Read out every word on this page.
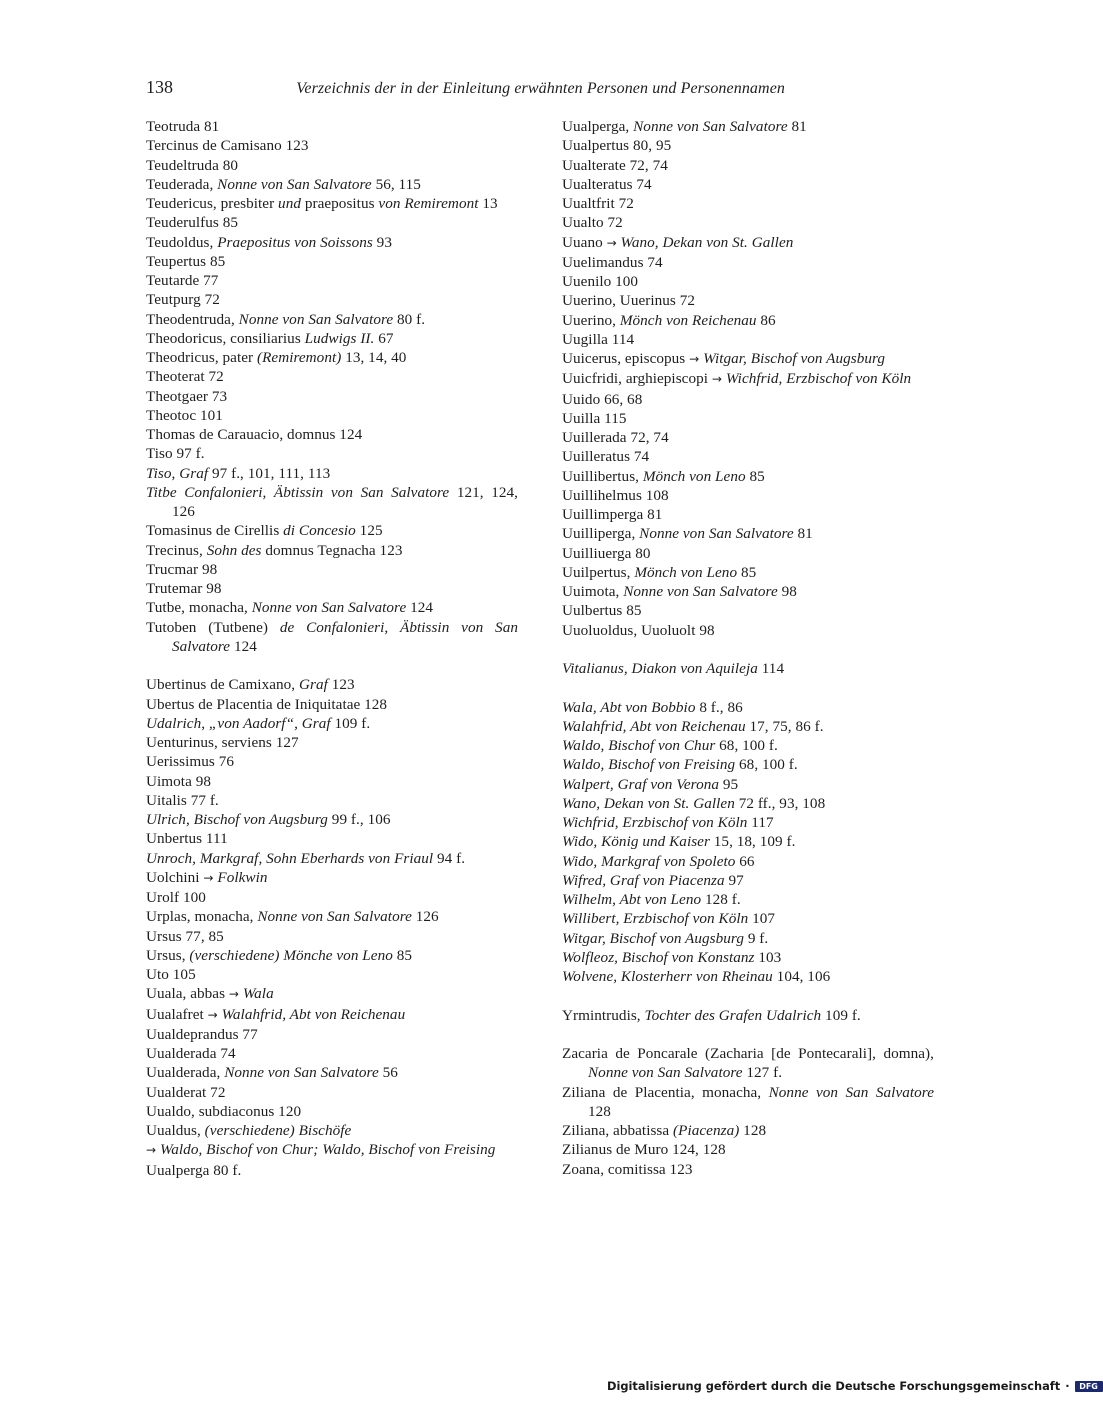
138	Verzeichnis der in der Einleitung erwähnten Personen und Personennamen
Teotruda 81
Tercinus de Camisano 123
Teudeltruda 80
Teuderada, Nonne von San Salvatore 56, 115
Teudericus, presbiter und praepositus von Remiremont 13
Teuderulfus 85
Teudoldus, Praepositus von Soissons 93
Teupertus 85
Teutarde 77
Teutpurg 72
Theodentruda, Nonne von San Salvatore 80 f.
Theodoricus, consiliarius Ludwigs II. 67
Theodricus, pater (Remiremont) 13, 14, 40
Theoterat 72
Theotgaer 73
Theotoc 101
Thomas de Carauacio, domnus 124
Tiso 97 f.
Tiso, Graf 97 f., 101, 111, 113
Titbe Confalonieri, Äbtissin von San Salvatore 121, 124, 126
Tomasinus de Cirellis di Concesio 125
Trecinus, Sohn des domnus Tegnacha 123
Trucmar 98
Trutemar 98
Tutbe, monacha, Nonne von San Salvatore 124
Tutoben (Tutbene) de Confalonieri, Äbtissin von San Salvatore 124
Ubertinus de Camixano, Graf 123
Ubertus de Placentia de Iniquitatae 128
Udalrich, „von Aadorf“, Graf 109 f.
Uenturinus, serviens 127
Uerissimus 76
Uimota 98
Uitalis 77 f.
Ulrich, Bischof von Augsburg 99 f., 106
Unbertus 111
Unroch, Markgraf, Sohn Eberhards von Friaul 94 f.
Uolchini → Folkwin
Urolf 100
Urplas, monacha, Nonne von San Salvatore 126
Ursus 77, 85
Ursus, (verschiedene) Mönche von Leno 85
Uto 105
Uuala, abbas → Wala
Uualafret → Walahfrid, Abt von Reichenau
Uualdeprandus 77
Uualderada 74
Uualderada, Nonne von San Salvatore 56
Uualderat 72
Uualdo, subdiaconus 120
Uualdus, (verschiedene) Bischöfe
→ Waldo, Bischof von Chur; Waldo, Bischof von Freising
Uualperga 80 f.
Uualperga, Nonne von San Salvatore 81
Uualpertus 80, 95
Uualterate 72, 74
Uualteratus 74
Uualtfrit 72
Uualto 72
Uuano → Wano, Dekan von St. Gallen
Uuelimandus 74
Uuenilo 100
Uuerino, Uuerinus 72
Uuerino, Mönch von Reichenau 86
Uugilla 114
Uuicerus, episcopus → Witgar, Bischof von Augsburg
Uuicfridi, arghiepiscopi → Wichfrid, Erzbischof von Köln
Uuido 66, 68
Uuilla 115
Uuillerada 72, 74
Uuilleratus 74
Uuillibertus, Mönch von Leno 85
Uuillihelmus 108
Uuillimperga 81
Uuilliperga, Nonne von San Salvatore 81
Uuilliuerga 80
Uuilpertus, Mönch von Leno 85
Uuimota, Nonne von San Salvatore 98
Uulbertus 85
Uuoluoldus, Uuoluolt 98
Vitalianus, Diakon von Aquileja 114
Wala, Abt von Bobbio 8 f., 86
Walahfrid, Abt von Reichenau 17, 75, 86 f.
Waldo, Bischof von Chur 68, 100 f.
Waldo, Bischof von Freising 68, 100 f.
Walpert, Graf von Verona 95
Wano, Dekan von St. Gallen 72 ff., 93, 108
Wichfrid, Erzbischof von Köln 117
Wido, König und Kaiser 15, 18, 109 f.
Wido, Markgraf von Spoleto 66
Wifred, Graf von Piacenza 97
Wilhelm, Abt von Leno 128 f.
Willibert, Erzbischof von Köln 107
Witgar, Bischof von Augsburg 9 f.
Wolfleoz, Bischof von Konstanz 103
Wolvene, Klosterherr von Rheinau 104, 106
Yrmintrudis, Tochter des Grafen Udalrich 109 f.
Zacaria de Poncarale (Zacharia [de Pontecarali], domna), Nonne von San Salvatore 127 f.
Ziliana de Placentia, monacha, Nonne von San Salvatore 128
Ziliana, abbatissa (Piacenza) 128
Zilianus de Muro 124, 128
Zoana, comitissa 123
Digitalisierung gefördert durch die Deutsche Forschungsgemeinschaft ·	DFG
